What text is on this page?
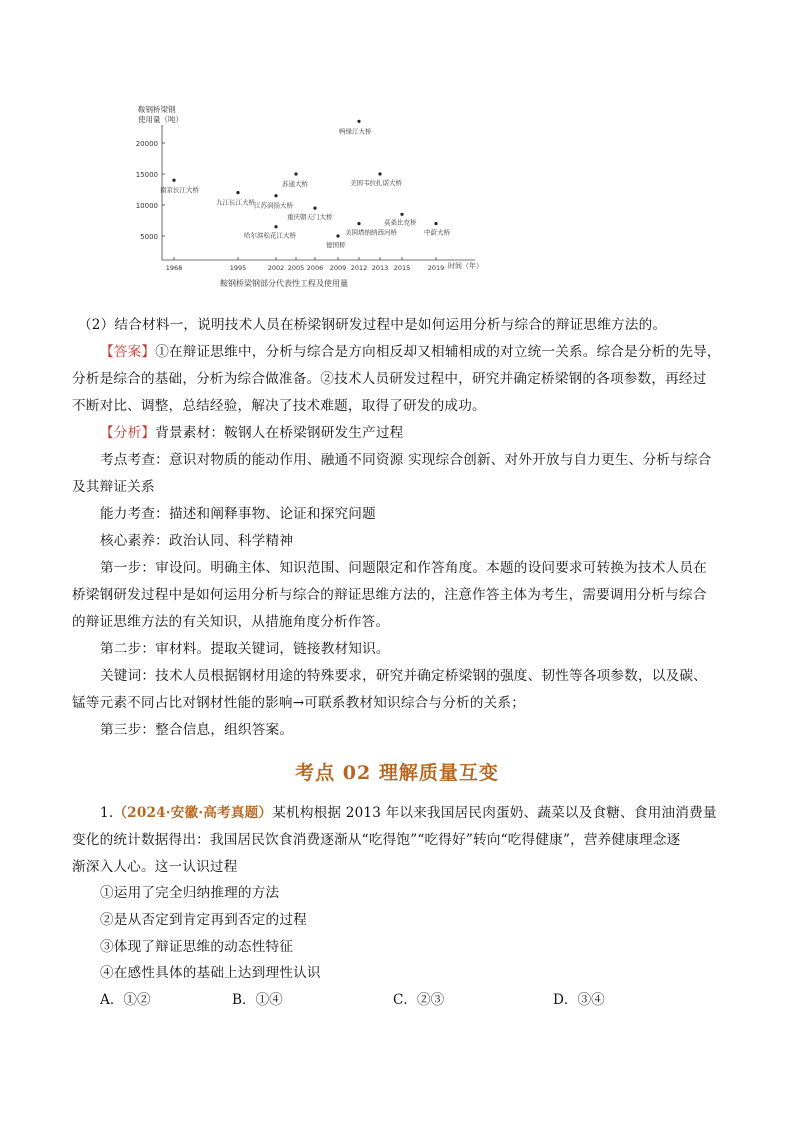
鞍钢桥梁钢
使用量（吨）
20000
15000
10000
5000
1968	1995	2002 2005 2006 2009 2012 2013 2015	2019
南京长江大桥
九江长江大桥 江苏润扬大桥
哈尔滨松花江大桥
苏通大桥
重庆朝天门大桥
德国桥
鸭绿江大桥
美国塔纳纳西河桥
美国韦拉扎诺大桥
莫桑比克桥
中蔚大桥
时间（年）
鞍钢桥梁钢部分代表性工程及使用量
（2）结合材料一，说明技术人员在桥梁钢研发过程中是如何运用分析与综合的辩证思维方法的。
【答案】①在辩证思维中，分析与综合是方向相反却又相辅相成的对立统一关系。综合是分析的先导，
分析是综合的基础，分析为综合做准备。②技术人员研发过程中，研究并确定桥梁钢的各项参数，再经过
不断对比、调整，总结经验，解决了技术难题，取得了研发的成功。
【分析】背景素材：鞍钢人在桥梁钢研发生产过程
考点考查：意识对物质的能动作用、融通不同资源 实现综合创新、对外开放与自力更生、分析与综合
及其辩证关系
能力考查：描述和阐释事物、论证和探究问题
核心素养：政治认同、科学精神
第一步：审设问。明确主体、知识范围、问题限定和作答角度。本题的设问要求可转换为技术人员在
桥梁钢研发过程中是如何运用分析与综合的辩证思维方法的，注意作答主体为考生，需要调用分析与综合
的辩证思维方法的有关知识，从措施角度分析作答。
第二步：审材料。提取关键词，链接教材知识。
关键词：技术人员根据钢材用途的特殊要求，研究并确定桥梁钢的强度、韧性等各项参数，以及碳、
锰等元素不同占比对钢材性能的影响→可联系教材知识综合与分析的关系；
第三步：整合信息，组织答案。
考点 02 理解质量互变
1.（2024·安徽·高考真题）某机构根据 2013 年以来我国居民肉蛋奶、蔬菜以及食糖、食用油消费量
变化的统计数据得出：我国居民饮食消费逐渐从“吃得饱”“吃得好”转向“吃得健康”，营养健康理念逐
渐深入人心。这一认识过程
①运用了完全归纳推理的方法
②是从否定到肯定再到否定的过程
③体现了辩证思维的动态性特征
④在感性具体的基础上达到理性认识
A．①②	B．①④	C．②③	D．③④
